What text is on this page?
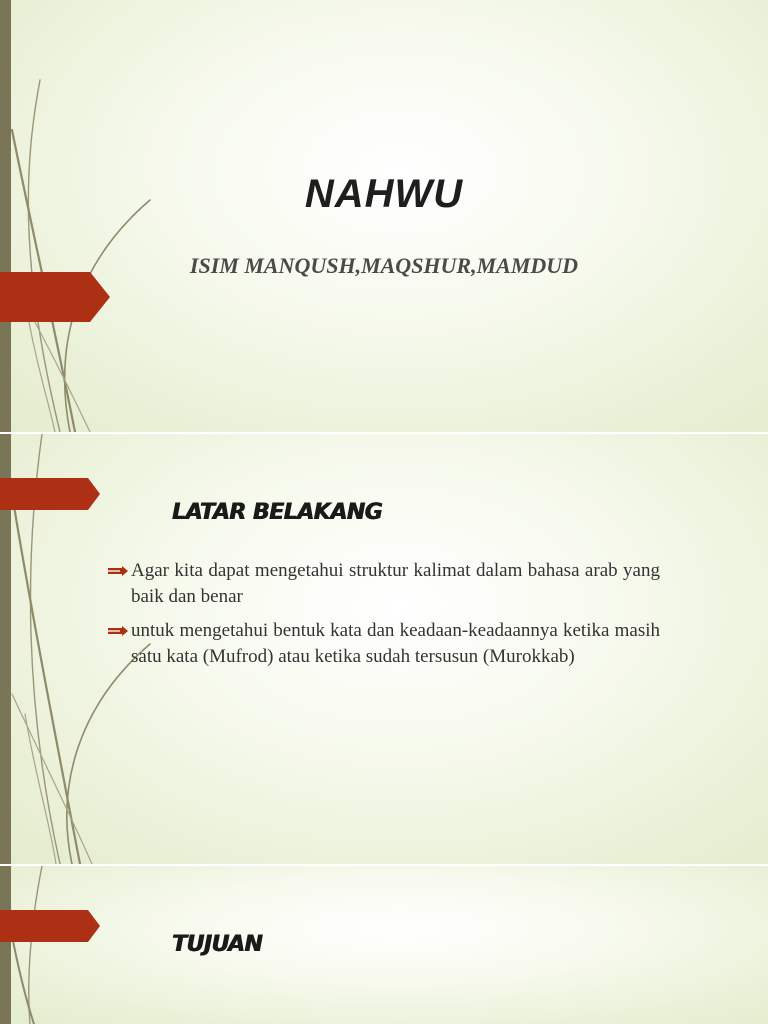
NAHWU
ISIM MANQUSH,MAQSHUR,MAMDUD
LATAR BELAKANG
Agar kita dapat mengetahui struktur kalimat dalam bahasa arab yang baik dan benar
untuk mengetahui bentuk kata dan keadaan-keadaannya ketika masih satu kata (Mufrod) atau ketika sudah tersusun (Murokkab)
TUJUAN
